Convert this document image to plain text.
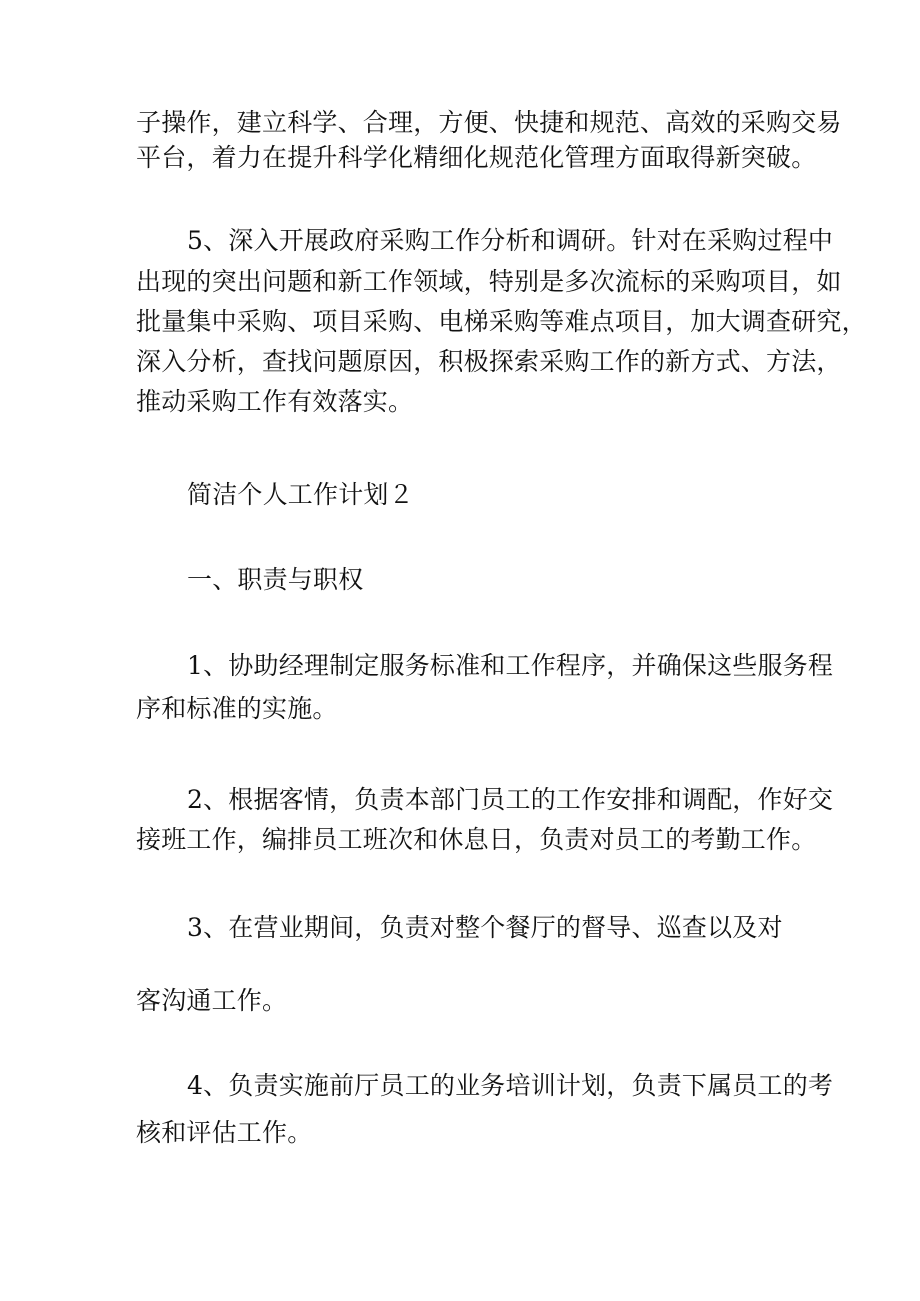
子操作，建立科学、合理，方便、快捷和规范、高效的采购交易
平台，着力在提升科学化精细化规范化管理方面取得新突破。
5、深入开展政府采购工作分析和调研。针对在采购过程中
出现的突出问题和新工作领域，特别是多次流标的采购项目，如
批量集中采购、项目采购、电梯采购等难点项目，加大调查研究，
深入分析，查找问题原因，积极探索采购工作的新方式、方法，
推动采购工作有效落实。
简洁个人工作计划２
一、职责与职权
1、协助经理制定服务标准和工作程序，并确保这些服务程
序和标准的实施。
2、根据客情，负责本部门员工的工作安排和调配，作好交
接班工作，编排员工班次和休息日，负责对员工的考勤工作。
3、在营业期间，负责对整个餐厅的督导、巡查以及对
客沟通工作。
4、负责实施前厅员工的业务培训计划，负责下属员工的考
核和评估工作。
